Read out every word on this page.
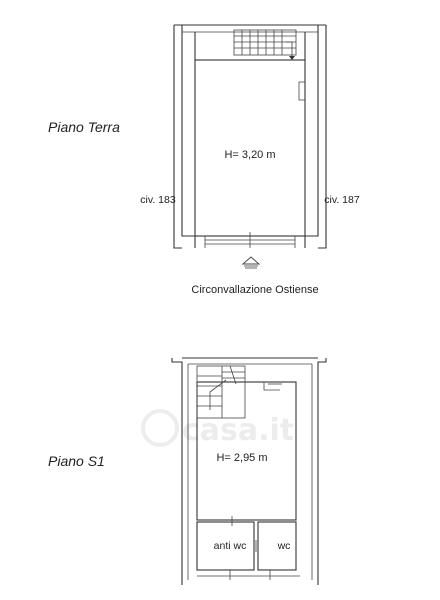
H= 3,20 m
civ. 183	civ. 187
Circonvallazione Ostiense
Piano Terra
H= 2,95 m
anti wc	wc
Piano S1
casa.it
